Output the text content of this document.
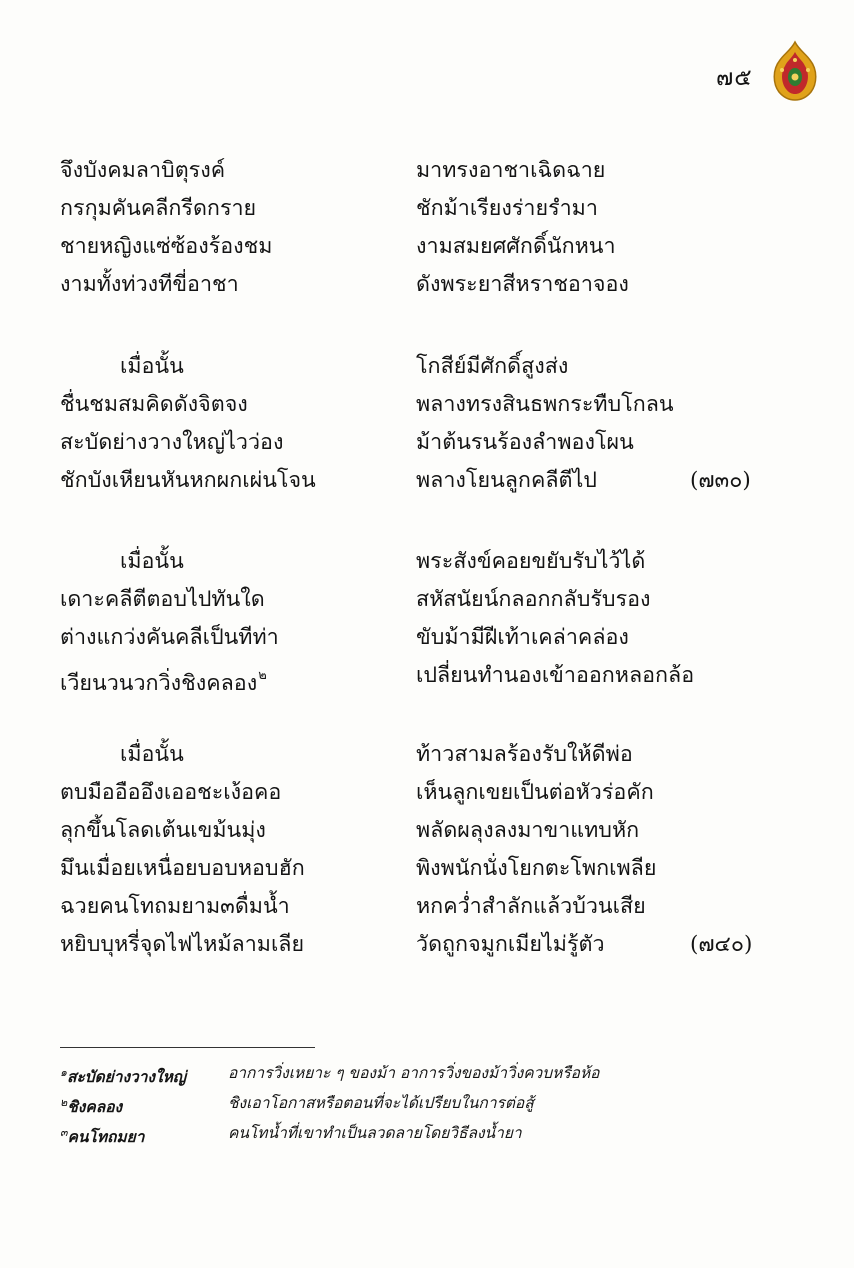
๗๕
จึงบังคมลาบิตุรงค์	มาทรงอาชาเฉิดฉาย
กรกุมคันคลีกรีดกราย	ชักม้าเรียงร่ายรำมา
ชายหญิงแซ่ซ้องร้องชม	งามสมยศศักดิ์นักหนา
งามทั้งท่วงทีขี่อาชา	ดังพระยาสีหราชอาจอง
เมื่อนั้น	โกสีย์มีศักดิ์สูงส่ง
ชื่นชมสมคิดดังจิตจง	พลางทรงสินธพกระทืบโกลน
สะบัดย่างวางใหญ่ไวว่อง	ม้าต้นรนร้องลำพองโผน
ชักบังเหียนหันหกผกเผ่นโจน	พลางโยนลูกคลีตีไป	(๗๓๐)
เมื่อนั้น	พระสังข์คอยขยับรับไว้ได้
เดาะคลีตีตอบไปทันใด	สหัสนัยน์กลอกกลับรับรอง
ต่างแกว่งคันคลีเป็นทีท่า	ขับม้ามีฝีเท้าเคล่าคล่อง
เวียนวนวกวิ่งชิงคลอง$^๒$	เปลี่ยนทำนองเข้าออกหลอกล้อ
เมื่อนั้น	ท้าวสามลร้องรับให้ดีพ่อ
ตบมืออืออึงเออชะเง้อคอ	เห็นลูกเขยเป็นต่อหัวร่อคัก
ลุกขึ้นโลดเต้นเขม้นมุ่ง	พลัดผลุงลงมาขาแทบหัก
มึนเมื่อยเหนื่อยบอบหอบฮัก	พิงพนักนั่งโยกตะโพกเพลีย
ฉวยคนโทถมยาม๓ดื่มน้ำ	หกคว่ำสำลักแล้วบ้วนเสีย
หยิบบุหรี่จุดไฟไหม้ลามเลีย	วัดถูกจมูกเมียไม่รู้ตัว	(๗๔๐)
$^๑$สะบัดย่างวางใหญ่	อาการวิ่งเหยาะ ๆ ของม้า อาการวิ่งของม้าวิ่งควบหรือห้อ
$^๒$ชิงคลอง	ชิงเอาโอกาสหรือตอนที่จะได้เปรียบในการต่อสู้
$^๓$คนโทถมยา	คนโทน้ำที่เขาทำเป็นลวดลายโดยวิธีลงน้ำยา
